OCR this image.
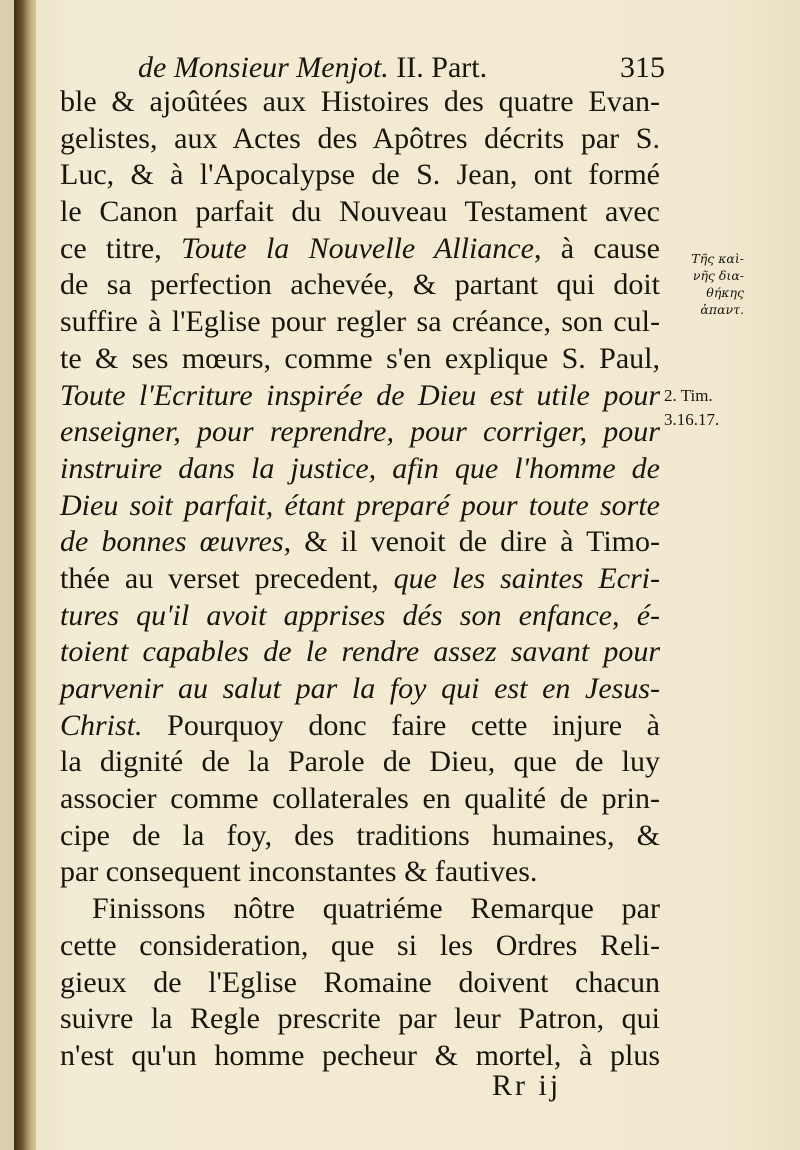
de Monsieur Menjot. II. Part.	315
ble & ajoûtées aux Histoires des quatre Evan-
gelistes, aux Actes des Apôtres décrits par S.
Luc, & à l'Apocalypse de S. Jean, ont formé
le Canon parfait du Nouveau Testament avec
ce titre, Toute la Nouvelle Alliance, à cause
de sa perfection achevée, & partant qui doit
suffire à l'Eglise pour regler sa créance, son cul-
te & ses mœurs, comme s'en explique S. Paul,
Toute l'Ecriture inspirée de Dieu est utile pour
enseigner, pour reprendre, pour corriger, pour
instruire dans la justice, afin que l'homme de
Dieu soit parfait, étant preparé pour toute sorte
de bonnes œuvres, & il venoit de dire à Timo-
thée au verset precedent, que les saintes Ecri-
tures qu'il avoit apprises dés son enfance, é-
toient capables de le rendre assez savant pour
parvenir au salut par la foy qui est en Jesus-
Christ. Pourquoy donc faire cette injure à
la dignité de la Parole de Dieu, que de luy
associer comme collaterales en qualité de prin-
cipe de la foy, des traditions humaines, &
par consequent inconstantes & fautives.
Finissons nôtre quatriéme Remarque par
cette consideration, que si les Ordres Reli-
gieux de l'Eglise Romaine doivent chacun
suivre la Regle prescrite par leur Patron, qui
n'est qu'un homme pecheur & mortel, à plus
Τῆς καὶ-
νῆς δια-
θήκης
ἁπαντ.
2. Tim.
3.16.17.
Rr ij
